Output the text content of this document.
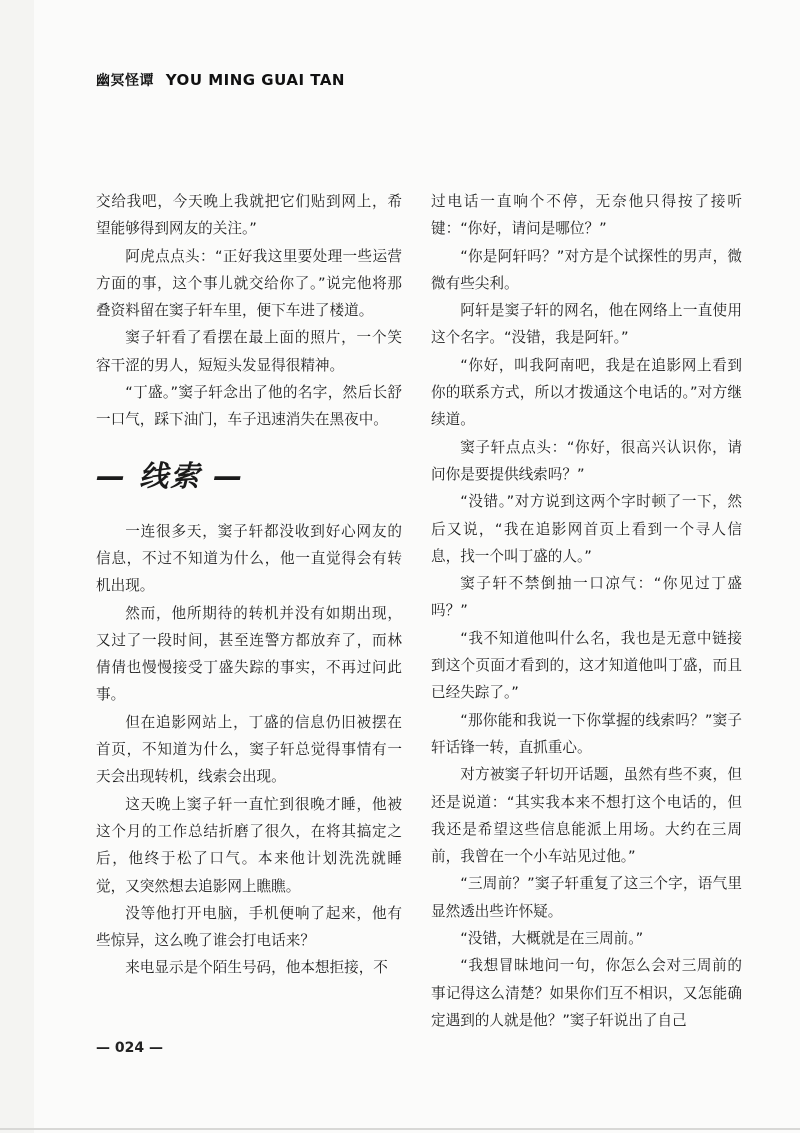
幽冥怪谭 YOU MING GUAI TAN

交给我吧，今天晚上我就把它们贴到网上，希望能够得到网友的关注。”

阿虎点点头：“正好我这里要处理一些运营方面的事，这个事儿就交给你了。”说完他将那叠资料留在窦子轩车里，便下车进了楼道。

窦子轩看了看摆在最上面的照片，一个笑容干涩的男人，短短头发显得很精神。

“丁盛。”窦子轩念出了他的名字，然后长舒一口气，踩下油门，车子迅速消失在黑夜中。

— 线索 —

一连很多天，窦子轩都没收到好心网友的信息，不过不知道为什么，他一直觉得会有转机出现。

然而，他所期待的转机并没有如期出现，又过了一段时间，甚至连警方都放弃了，而林倩倩也慢慢接受丁盛失踪的事实，不再过问此事。

但在追影网站上，丁盛的信息仍旧被摆在首页，不知道为什么，窦子轩总觉得事情有一天会出现转机，线索会出现。

这天晚上窦子轩一直忙到很晚才睡，他被这个月的工作总结折磨了很久，在将其搞定之后，他终于松了口气。本来他计划洗洗就睡觉，又突然想去追影网上瞧瞧。

没等他打开电脑，手机便响了起来，他有些惊异，这么晚了谁会打电话来？

来电显示是个陌生号码，他本想拒接，不

过电话一直响个不停，无奈他只得按了接听键：“你好，请问是哪位？”

“你是阿轩吗？”对方是个试探性的男声，微微有些尖利。

阿轩是窦子轩的网名，他在网络上一直使用这个名字。“没错，我是阿轩。”

“你好，叫我阿南吧，我是在追影网上看到你的联系方式，所以才拨通这个电话的。”对方继续道。

窦子轩点点头：“你好，很高兴认识你，请问你是要提供线索吗？”

“没错。”对方说到这两个字时顿了一下，然后又说，“我在追影网首页上看到一个寻人信息，找一个叫丁盛的人。”

窦子轩不禁倒抽一口凉气：“你见过丁盛吗？”

“我不知道他叫什么名，我也是无意中链接到这个页面才看到的，这才知道他叫丁盛，而且已经失踪了。”

“那你能和我说一下你掌握的线索吗？”窦子轩话锋一转，直抓重心。

对方被窦子轩切开话题，虽然有些不爽，但还是说道：“其实我本来不想打这个电话的，但我还是希望这些信息能派上用场。大约在三周前，我曾在一个小车站见过他。”

“三周前？”窦子轩重复了这三个字，语气里显然透出些许怀疑。

“没错，大概就是在三周前。”

“我想冒昧地问一句，你怎么会对三周前的事记得这么清楚？如果你们互不相识，又怎能确定遇到的人就是他？”窦子轩说出了自己

— 024 —
